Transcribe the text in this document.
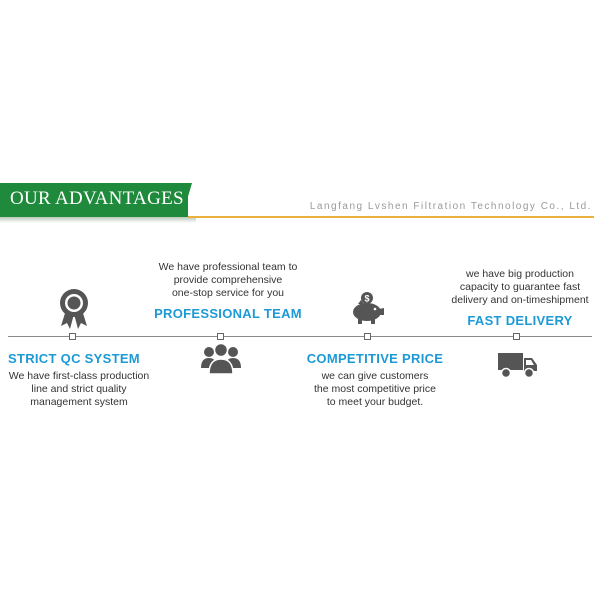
OUR ADVANTAGES	Langfang Lvshen Filtration Technology Co., Ltd.
STRICT QC SYSTEM
We have first-class production
line and strict quality
management system
We have professional team to
provide comprehensive
one-stop service for you
PROFESSIONAL TEAM
$
COMPETITIVE PRICE
we can give customers
the most competitive price
to meet your budget.
we have big production
capacity to guarantee fast
delivery and on-timeshipment
FAST DELIVERY
